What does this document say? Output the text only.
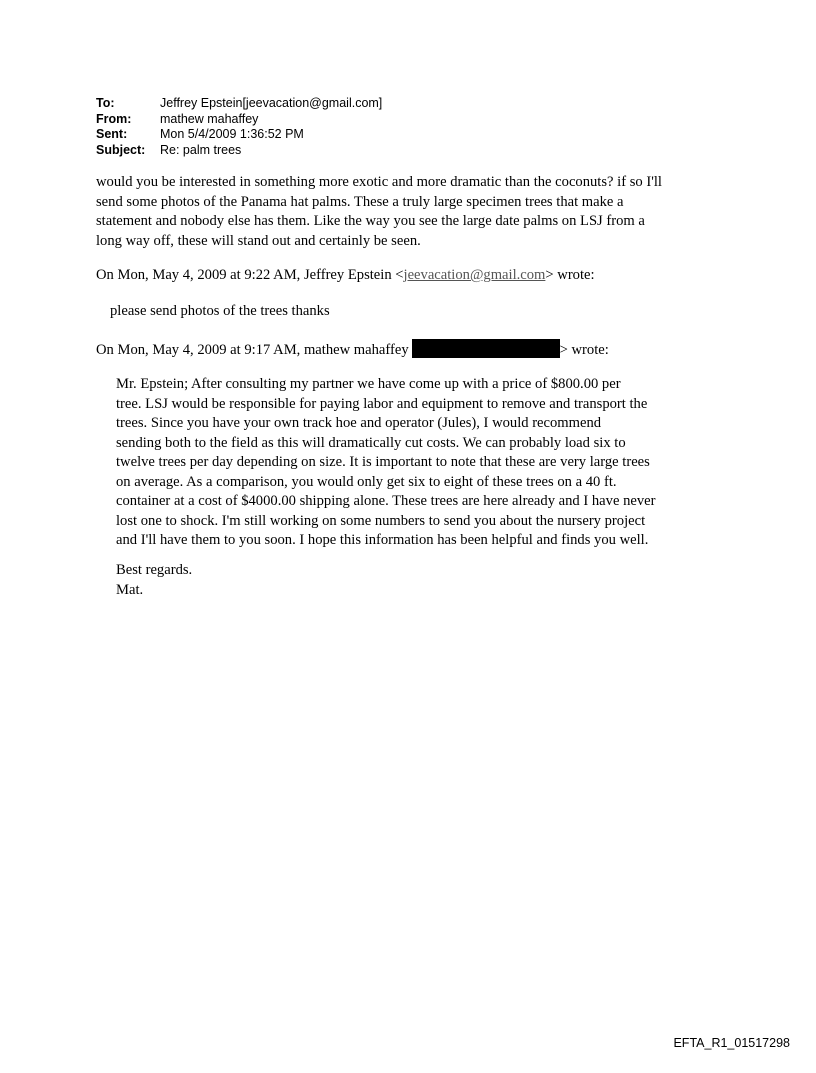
To:	Jeffrey Epstein[jeevacation@gmail.com]
From:	mathew mahaffey
Sent:	Mon 5/4/2009 1:36:52 PM
Subject:	Re: palm trees
would you be interested in something more exotic and more dramatic than the coconuts? if so I'll
send some photos of the Panama hat palms. These a truly large specimen trees that make a
statement and nobody else has them. Like the way you see the large date palms on LSJ from a
long way off, these will stand out and certainly be seen.
On Mon, May 4, 2009 at 9:22 AM, Jeffrey Epstein <jeevacation@gmail.com> wrote:
please send photos of the trees thanks
On Mon, May 4, 2009 at 9:17 AM, mathew mahaffey	> wrote:
Mr. Epstein; After consulting my partner we have come up with a price of $800.00 per
tree. LSJ would be responsible for paying labor and equipment to remove and transport the
trees. Since you have your own track hoe and operator (Jules), I would recommend
sending both to the field as this will dramatically cut costs. We can probably load six to
twelve trees per day depending on size. It is important to note that these are very large trees
on average. As a comparison, you would only get six to eight of these trees on a 40 ft.
container at a cost of $4000.00 shipping alone. These trees are here already and I have never
lost one to shock. I'm still working on some numbers to send you about the nursery project
and I'll have them to you soon. I hope this information has been helpful and finds you well.
Best regards.
Mat.
EFTA_R1_01517298
